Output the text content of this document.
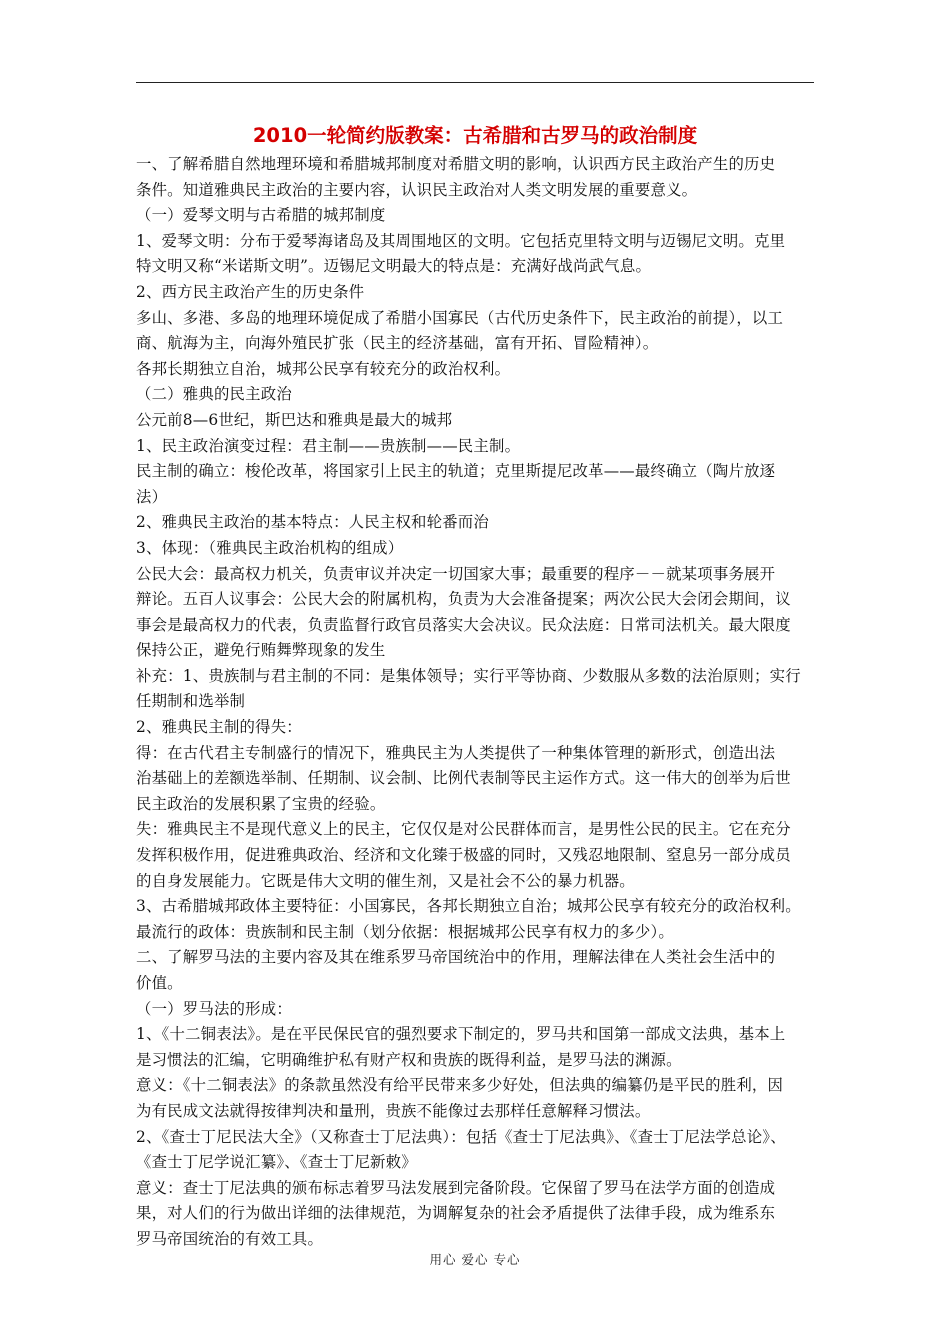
2010一轮简约版教案：古希腊和古罗马的政治制度

一、了解希腊自然地理环境和希腊城邦制度对希腊文明的影响，认识西方民主政治产生的历史

条件。知道雅典民主政治的主要内容，认识民主政治对人类文明发展的重要意义。

（一）爱琴文明与古希腊的城邦制度

1、爱琴文明：分布于爱琴海诸岛及其周围地区的文明。它包括克里特文明与迈锡尼文明。克里

特文明又称“米诺斯文明”。迈锡尼文明最大的特点是：充满好战尚武气息。

2、西方民主政治产生的历史条件

多山、多港、多岛的地理环境促成了希腊小国寡民（古代历史条件下，民主政治的前提），以工

商、航海为主，向海外殖民扩张（民主的经济基础，富有开拓、冒险精神）。

各邦长期独立自治，城邦公民享有较充分的政治权利。

（二）雅典的民主政治

公元前8—6世纪，斯巴达和雅典是最大的城邦

1、民主政治演变过程：君主制——贵族制——民主制。

民主制的确立：梭伦改革，将国家引上民主的轨道；克里斯提尼改革——最终确立（陶片放逐

法）

2、雅典民主政治的基本特点：人民主权和轮番而治

3、体现：（雅典民主政治机构的组成）

公民大会：最高权力机关，负责审议并决定一切国家大事；最重要的程序－－就某项事务展开

辩论。五百人议事会：公民大会的附属机构，负责为大会准备提案；两次公民大会闭会期间，议

事会是最高权力的代表，负责监督行政官员落实大会决议。民众法庭：日常司法机关。最大限度

保持公正，避免行贿舞弊现象的发生

补充：1、贵族制与君主制的不同：是集体领导；实行平等协商、少数服从多数的法治原则；实行

任期制和选举制

2、雅典民主制的得失：

得：在古代君主专制盛行的情况下，雅典民主为人类提供了一种集体管理的新形式，创造出法

治基础上的差额选举制、任期制、议会制、比例代表制等民主运作方式。这一伟大的创举为后世

民主政治的发展积累了宝贵的经验。

失：雅典民主不是现代意义上的民主，它仅仅是对公民群体而言，是男性公民的民主。它在充分

发挥积极作用，促进雅典政治、经济和文化臻于极盛的同时，又残忍地限制、窒息另一部分成员

的自身发展能力。它既是伟大文明的催生剂，又是社会不公的暴力机器。

3、古希腊城邦政体主要特征：小国寡民，各邦长期独立自治；城邦公民享有较充分的政治权利。

最流行的政体：贵族制和民主制（划分依据：根据城邦公民享有权力的多少）。

二、了解罗马法的主要内容及其在维系罗马帝国统治中的作用，理解法律在人类社会生活中的

价值。

（一）罗马法的形成：

1、《十二铜表法》。是在平民保民官的强烈要求下制定的，罗马共和国第一部成文法典，基本上

是习惯法的汇编，它明确维护私有财产权和贵族的既得利益，是罗马法的渊源。

意义：《十二铜表法》的条款虽然没有给平民带来多少好处，但法典的编纂仍是平民的胜利，因

为有民成文法就得按律判决和量刑，贵族不能像过去那样任意解释习惯法。

2、《查士丁尼民法大全》（又称查士丁尼法典）：包括《查士丁尼法典》、《查士丁尼法学总论》、

《查士丁尼学说汇纂》、《查士丁尼新敕》

意义：查士丁尼法典的颁布标志着罗马法发展到完备阶段。它保留了罗马在法学方面的创造成

果，对人们的行为做出详细的法律规范，为调解复杂的社会矛盾提供了法律手段，成为维系东

罗马帝国统治的有效工具。

用心 爱心 专心
